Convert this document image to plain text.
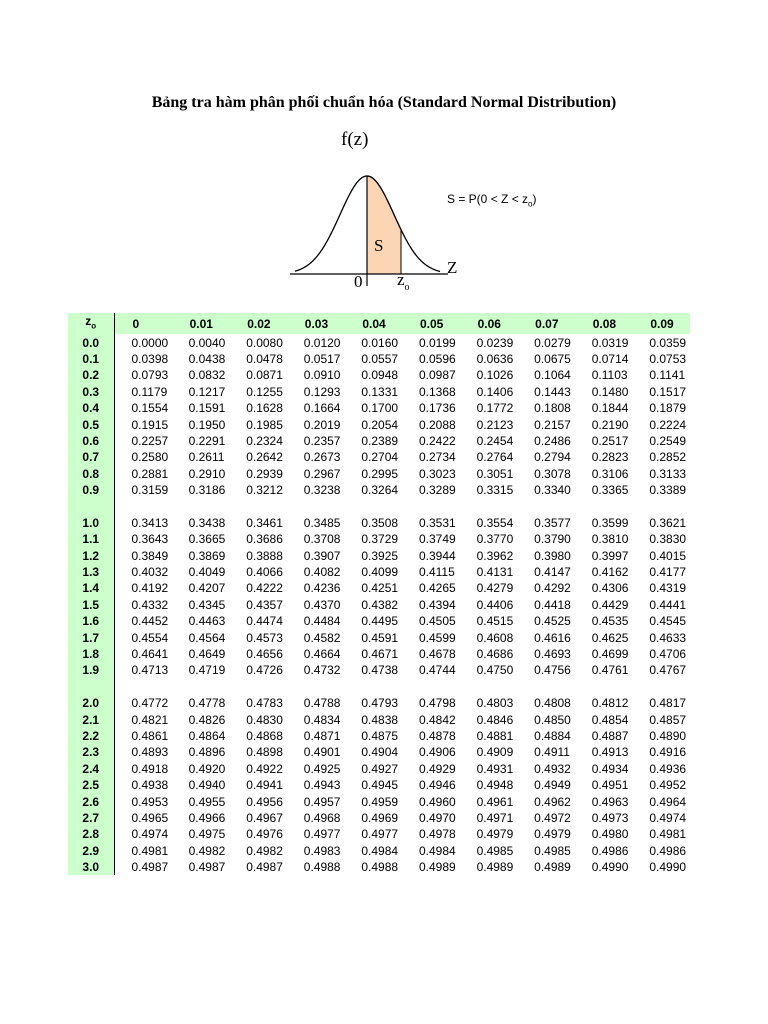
Bảng tra hàm phân phối chuẩn hóa (Standard Normal Distribution)
f(z)
S
Z
0 $z_o$
$S = P(0 < Z < z_o)$
$z_o$	0	0.01	0.02	0.03	0.04	0.05	0.06	0.07	0.08	0.09
0.0	0.0000	0.0040	0.0080	0.0120	0.0160	0.0199	0.0239	0.0279	0.0319	0.0359
0.1	0.0398	0.0438	0.0478	0.0517	0.0557	0.0596	0.0636	0.0675	0.0714	0.0753
0.2	0.0793	0.0832	0.0871	0.0910	0.0948	0.0987	0.1026	0.1064	0.1103	0.1141
0.3	0.1179	0.1217	0.1255	0.1293	0.1331	0.1368	0.1406	0.1443	0.1480	0.1517
0.4	0.1554	0.1591	0.1628	0.1664	0.1700	0.1736	0.1772	0.1808	0.1844	0.1879
0.5	0.1915	0.1950	0.1985	0.2019	0.2054	0.2088	0.2123	0.2157	0.2190	0.2224
0.6	0.2257	0.2291	0.2324	0.2357	0.2389	0.2422	0.2454	0.2486	0.2517	0.2549
0.7	0.2580	0.2611	0.2642	0.2673	0.2704	0.2734	0.2764	0.2794	0.2823	0.2852
0.8	0.2881	0.2910	0.2939	0.2967	0.2995	0.3023	0.3051	0.3078	0.3106	0.3133
0.9	0.3159	0.3186	0.3212	0.3238	0.3264	0.3289	0.3315	0.3340	0.3365	0.3389

1.0	0.3413	0.3438	0.3461	0.3485	0.3508	0.3531	0.3554	0.3577	0.3599	0.3621
1.1	0.3643	0.3665	0.3686	0.3708	0.3729	0.3749	0.3770	0.3790	0.3810	0.3830
1.2	0.3849	0.3869	0.3888	0.3907	0.3925	0.3944	0.3962	0.3980	0.3997	0.4015
1.3	0.4032	0.4049	0.4066	0.4082	0.4099	0.4115	0.4131	0.4147	0.4162	0.4177
1.4	0.4192	0.4207	0.4222	0.4236	0.4251	0.4265	0.4279	0.4292	0.4306	0.4319
1.5	0.4332	0.4345	0.4357	0.4370	0.4382	0.4394	0.4406	0.4418	0.4429	0.4441
1.6	0.4452	0.4463	0.4474	0.4484	0.4495	0.4505	0.4515	0.4525	0.4535	0.4545
1.7	0.4554	0.4564	0.4573	0.4582	0.4591	0.4599	0.4608	0.4616	0.4625	0.4633
1.8	0.4641	0.4649	0.4656	0.4664	0.4671	0.4678	0.4686	0.4693	0.4699	0.4706
1.9	0.4713	0.4719	0.4726	0.4732	0.4738	0.4744	0.4750	0.4756	0.4761	0.4767

2.0	0.4772	0.4778	0.4783	0.4788	0.4793	0.4798	0.4803	0.4808	0.4812	0.4817
2.1	0.4821	0.4826	0.4830	0.4834	0.4838	0.4842	0.4846	0.4850	0.4854	0.4857
2.2	0.4861	0.4864	0.4868	0.4871	0.4875	0.4878	0.4881	0.4884	0.4887	0.4890
2.3	0.4893	0.4896	0.4898	0.4901	0.4904	0.4906	0.4909	0.4911	0.4913	0.4916
2.4	0.4918	0.4920	0.4922	0.4925	0.4927	0.4929	0.4931	0.4932	0.4934	0.4936
2.5	0.4938	0.4940	0.4941	0.4943	0.4945	0.4946	0.4948	0.4949	0.4951	0.4952
2.6	0.4953	0.4955	0.4956	0.4957	0.4959	0.4960	0.4961	0.4962	0.4963	0.4964
2.7	0.4965	0.4966	0.4967	0.4968	0.4969	0.4970	0.4971	0.4972	0.4973	0.4974
2.8	0.4974	0.4975	0.4976	0.4977	0.4977	0.4978	0.4979	0.4979	0.4980	0.4981
2.9	0.4981	0.4982	0.4982	0.4983	0.4984	0.4984	0.4985	0.4985	0.4986	0.4986
3.0	0.4987	0.4987	0.4987	0.4988	0.4988	0.4989	0.4989	0.4989	0.4990	0.4990
